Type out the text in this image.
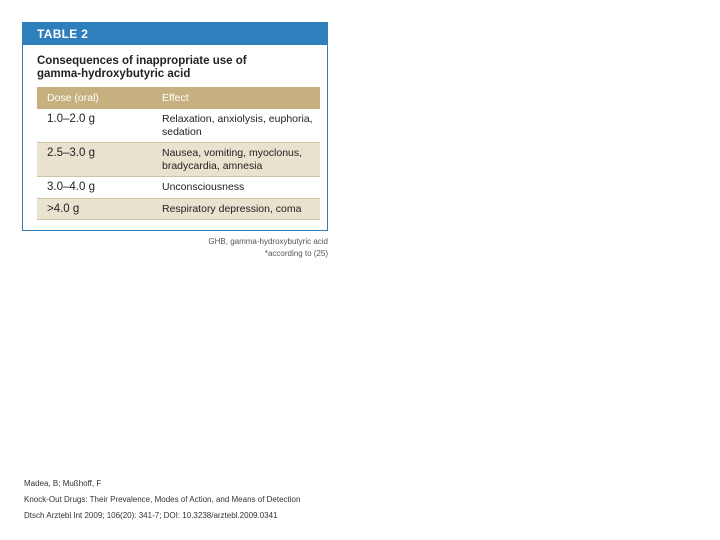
TABLE 2
Consequences of inappropriate use of
gamma-hydroxybutyric acid
Dose (oral)	Effect
1.0–2.0 g	Relaxation, anxiolysis, euphoria,
sedation

2.5–3.0 g	Nausea, vomiting, myoclonus,
bradycardia, amnesia

3.0–4.0 g	Unconsciousness
>4.0 g	Respiratory depression, coma
GHB, gamma-hydroxybutyric acid
*according to (25)
Madea, B; Mußhoff, F
Knock-Out Drugs: Their Prevalence, Modes of Action, and Means of Detection
Dtsch Arztebl Int 2009; 106(20): 341-7; DOI: 10.3238/arztebl.2009.0341
